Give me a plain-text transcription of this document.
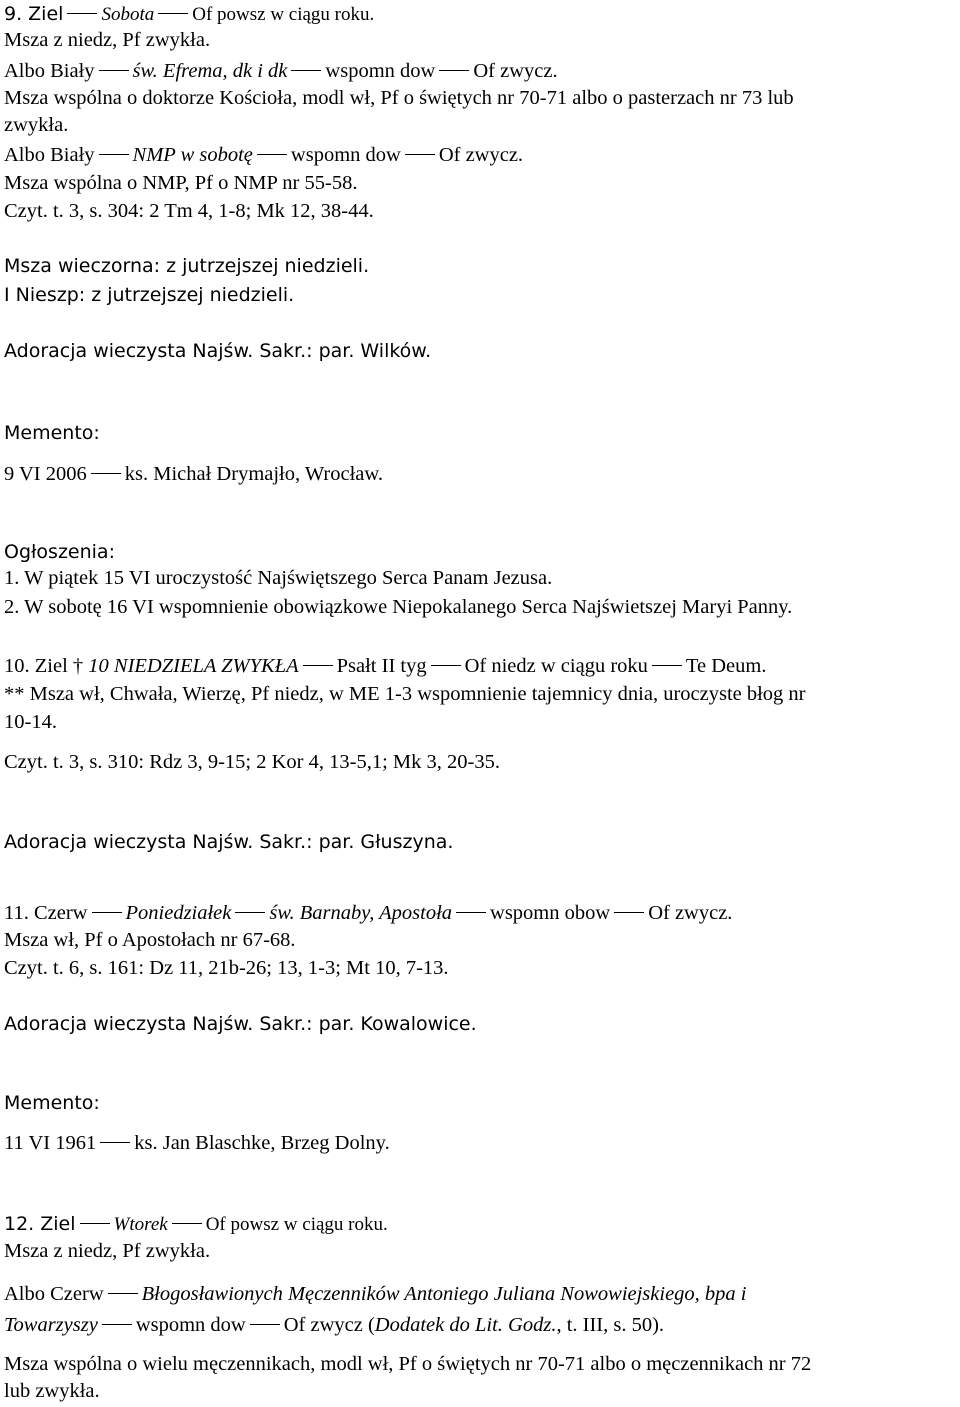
9. Ziel Sobota Of powsz w ciągu roku.
Msza z niedz, Pf zwykła.
Albo Biały św. Efrema, dk i dk wspomn dow Of zwycz.
Msza wspólna o doktorze Kościoła, modl wł, Pf o świętych nr 70-71 albo o pasterzach nr 73 lub
zwykła.
Albo Biały NMP w sobotę wspomn dow Of zwycz.
Msza wspólna o NMP, Pf o NMP nr 55-58.
Czyt. t. 3, s. 304: 2 Tm 4, 1-8; Mk 12, 38-44.
Msza wieczorna: z jutrzejszej niedzieli.
I Nieszp: z jutrzejszej niedzieli.
Adoracja wieczysta Najśw. Sakr.: par. Wilków.
Memento:
9 VI 2006 ks. Michał Drymajło, Wrocław.
Ogłoszenia:
1. W piątek 15 VI uroczystość Najświętszego Serca Panam Jezusa.
2. W sobotę 16 VI wspomnienie obowiązkowe Niepokalanego Serca Najświetszej Maryi Panny.
10. Ziel † 10 NIEDZIELA ZWYKŁA Psałt II tyg Of niedz w ciągu roku Te Deum.
** Msza wł, Chwała, Wierzę, Pf niedz, w ME 1-3 wspomnienie tajemnicy dnia, uroczyste błog nr
10-14.
Czyt. t. 3, s. 310: Rdz 3, 9-15; 2 Kor 4, 13-5,1; Mk 3, 20-35.
Adoracja wieczysta Najśw. Sakr.: par. Głuszyna.
11. Czerw Poniedziałek św. Barnaby, Apostoła wspomn obow Of zwycz.
Msza wł, Pf o Apostołach nr 67-68.
Czyt. t. 6, s. 161: Dz 11, 21b-26; 13, 1-3; Mt 10, 7-13.
Adoracja wieczysta Najśw. Sakr.: par. Kowalowice.
Memento:
11 VI 1961 ks. Jan Blaschke, Brzeg Dolny.
12. Ziel Wtorek Of powsz w ciągu roku.
Msza z niedz, Pf zwykła.
Albo Czerw Błogosławionych Męczenników Antoniego Juliana Nowowiejskiego, bpa i
Towarzyszy wspomn dow Of zwycz (Dodatek do Lit. Godz., t. III, s. 50).
Msza wspólna o wielu męczennikach, modl wł, Pf o świętych nr 70-71 albo o męczennikach nr 72
lub zwykła.
